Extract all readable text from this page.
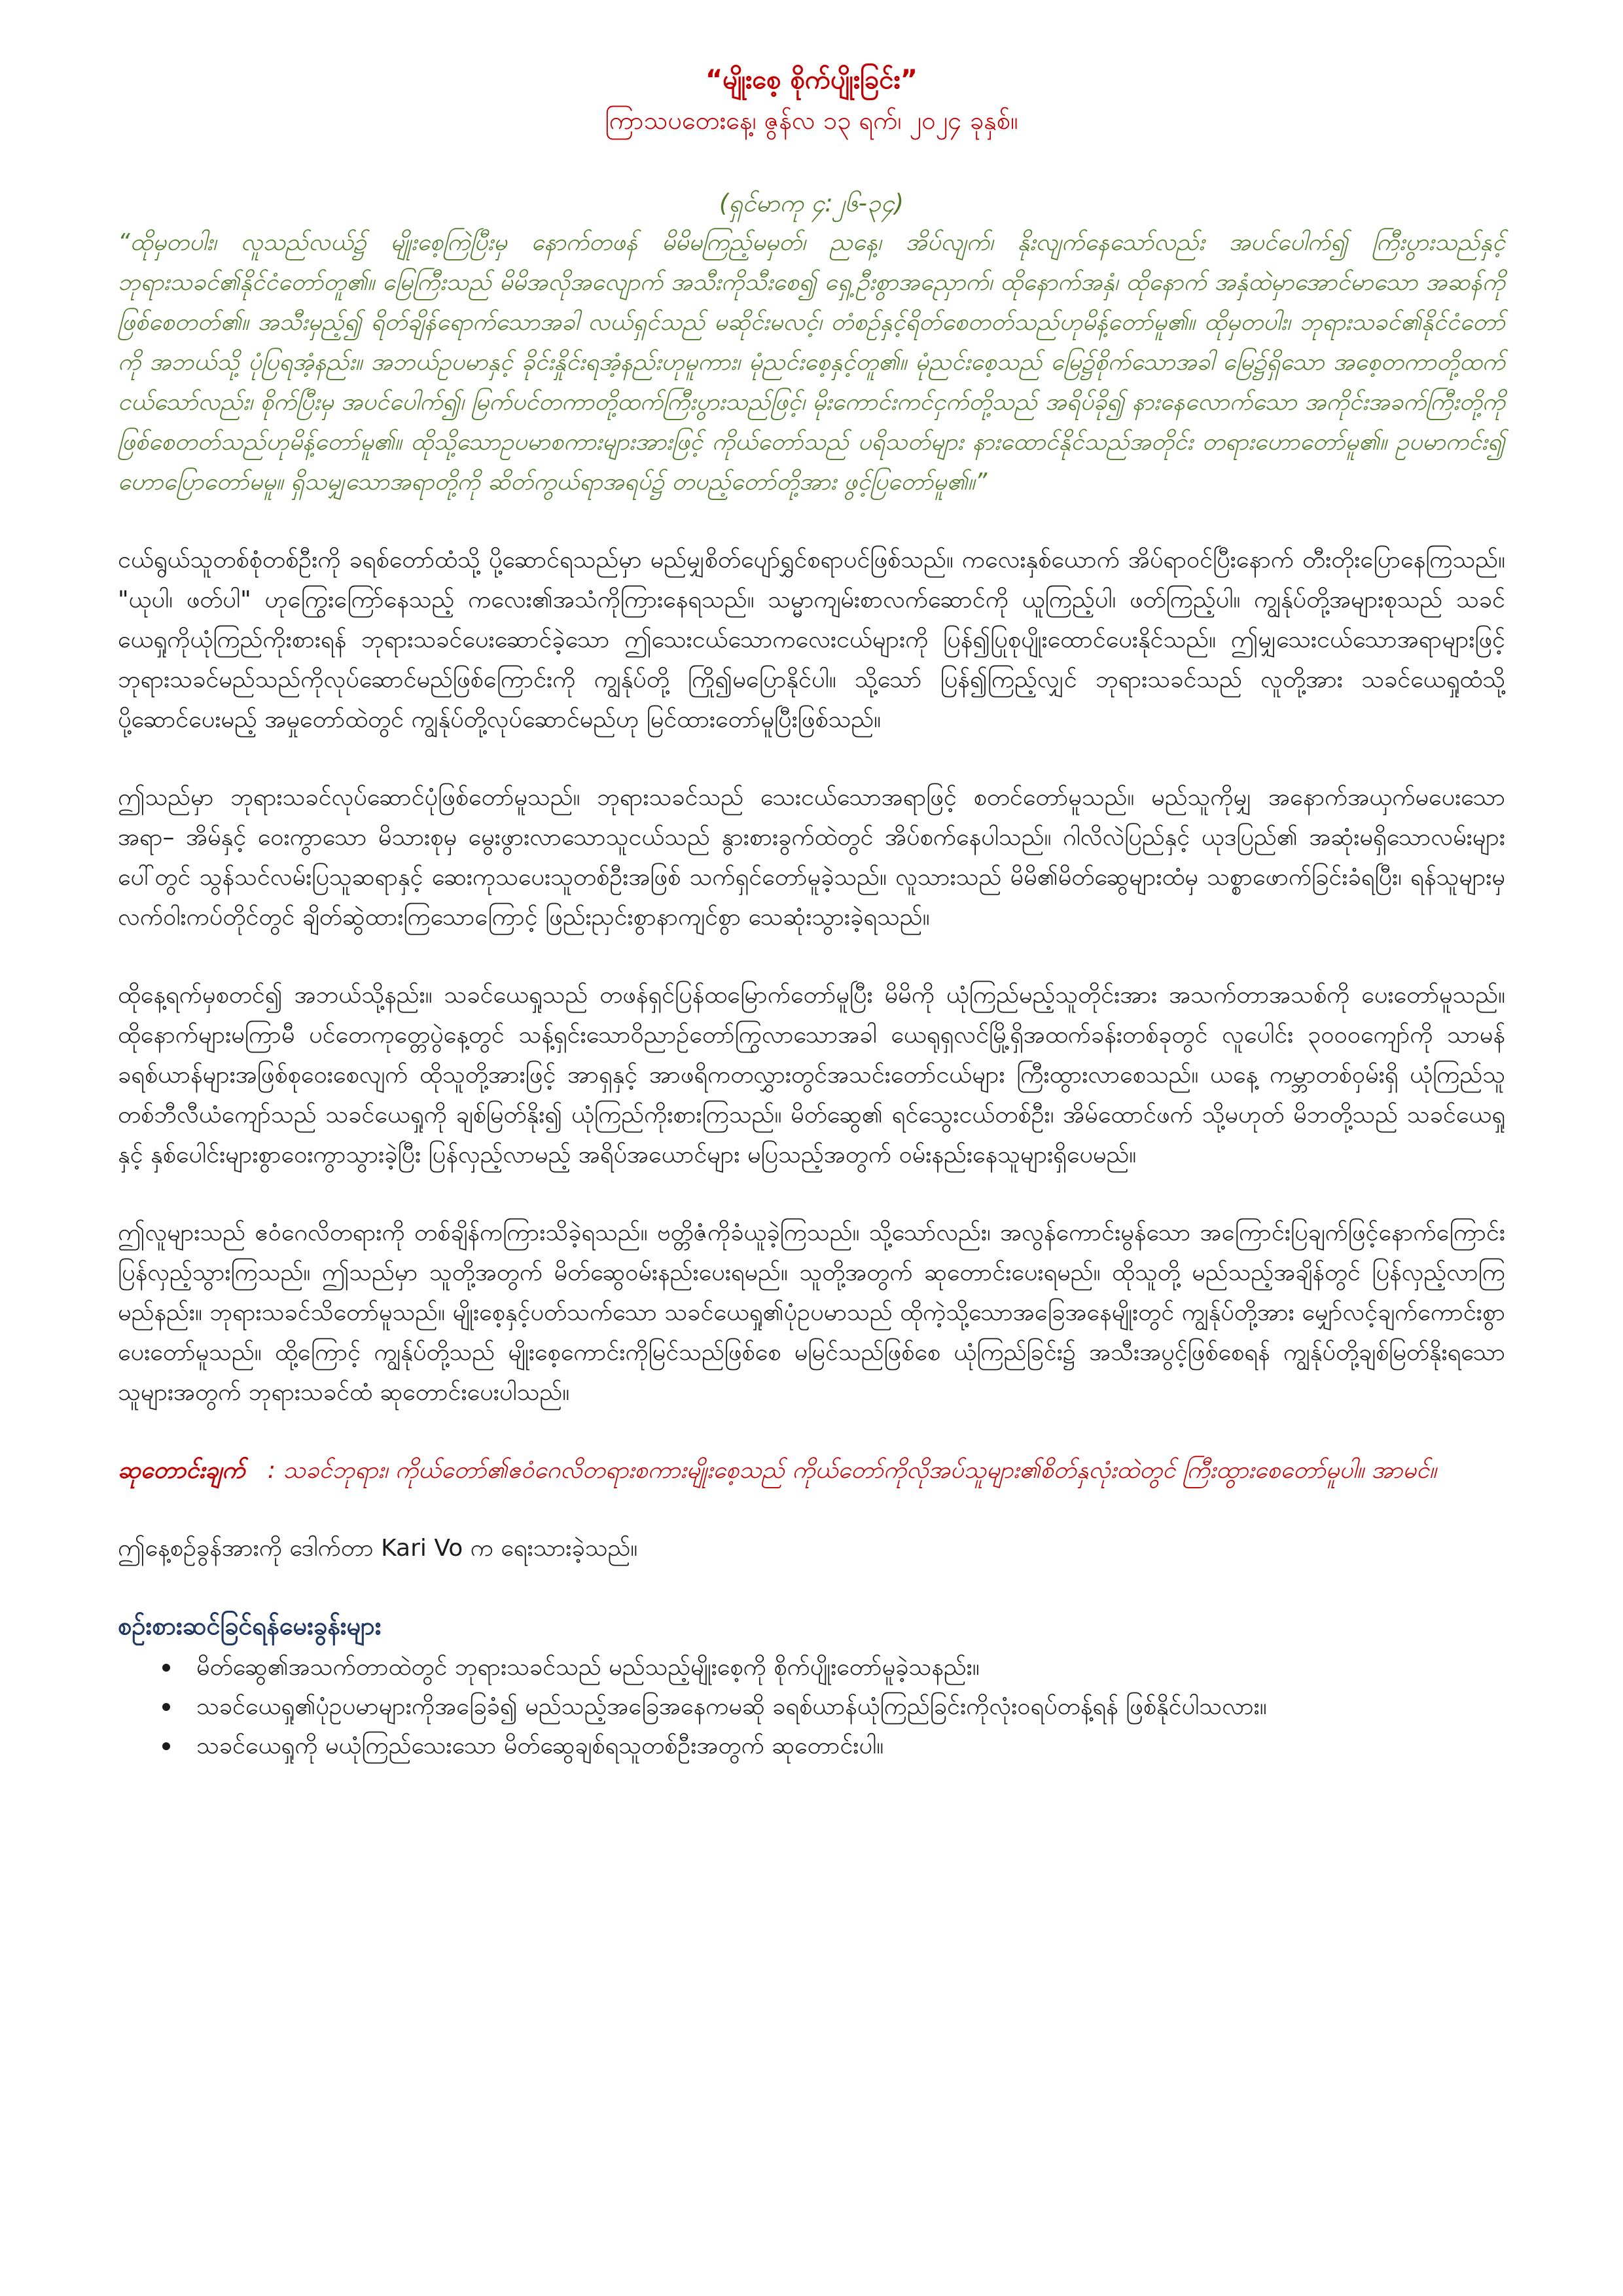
“မျိုးစေ့ စိုက်ပျိုးခြင်း”

ကြာသပတေးနေ့၊ ဇွန်လ ၁၃ ရက်၊ ၂၀၂၄ ခုနှစ်။

(ရှင်မာကု ၄:၂၆-၃၄)

“ထိုမှတပါး၊ လူသည်လယ်၌ မျိုးစေ့ကြဲပြီးမှ နောက်တဖန် မိမိမကြည့်မမှတ်၊ ညနေ့၊ အိပ်လျက်၊ နိုးလျက်နေသော်လည်း အပင်ပေါက်၍ ကြီးပွားသည်နှင့် ဘုရားသခင်၏နိုင်ငံတော်တူ၏။ မြေကြီးသည် မိမိအလိုအလျောက် အသီးကိုသီးစေ၍ ရှေ့ဦးစွာအညှောက်၊ ထိုနောက်အနှံ၊ ထိုနောက် အနှံထဲမှာအောင်မာသော အဆန်ကို ဖြစ်စေတတ်၏။ အသီးမှည့်၍ ရိတ်ချိန်ရောက်သောအခါ လယ်ရှင်သည် မဆိုင်းမလင့်၊ တံစဉ်နှင့်ရိတ်စေတတ်သည်ဟုမိန့်တော်မူ၏။ ထိုမှတပါး၊ ဘုရားသခင်၏နိုင်ငံတော်ကို အဘယ်သို့ ပုံပြရအံ့နည်း။ အဘယ်ဥပမာနှင့် ခိုင်းနှိုင်းရအံ့နည်းဟုမူကား၊ မုံညင်းစေ့နှင့်တူ၏။ မုံညင်းစေ့သည် မြေ၌စိုက်သောအခါ မြေ၌ရှိသော အစေ့တကာတို့ထက် ငယ်သော်လည်း၊ စိုက်ပြီးမှ အပင်ပေါက်၍၊ မြက်ပင်တကာတို့ထက်ကြီးပွားသည်ဖြင့်၊ မိုးကောင်းကင်ငှက်တို့သည် အရိပ်ခို၍ နားနေလောက်သော အကိုင်းအခက်ကြီးတို့ကိုဖြစ်စေတတ်သည်ဟုမိန့်တော်မူ၏။ ထိုသို့သောဥပမာစကားများအားဖြင့် ကိုယ်တော်သည် ပရိသတ်များ နားထောင်နိုင်သည်အတိုင်း တရားဟောတော်မူ၏။ ဥပမာကင်း၍ ဟောပြောတော်မမူ။ ရှိသမျှသောအရာတို့ကို ဆိတ်ကွယ်ရာအရပ်၌ တပည့်တော်တို့အား ဖွင့်ပြတော်မူ၏။”

ငယ်ရွယ်သူတစ်စုံတစ်ဦးကို ခရစ်တော်ထံသို့ ပို့ဆောင်ရသည်မှာ မည်မျှစိတ်ပျော်ရွှင်စရာပင်ဖြစ်သည်။ ကလေးနှစ်ယောက် အိပ်ရာဝင်ပြီးနောက် တီးတိုးပြောနေကြသည်။ "ယုပါ၊ ဖတ်ပါ" ဟုကြွေးကြော်နေသည့် ကလေး၏အသံကိုကြားနေရသည်။ သမ္မာကျမ်းစာလက်ဆောင်ကို ယူကြည့်ပါ၊ ဖတ်ကြည့်ပါ။ ကျွန်ုပ်တို့အများစုသည် သခင်ယေရှုကိုယုံကြည်ကိုးစားရန် ဘုရားသခင်ပေးဆောင်ခဲ့သော ဤသေးငယ်သောကလေးငယ်များကို ပြန်၍ပြုစုပျိုးထောင်ပေးနိုင်သည်။ ဤမျှသေးငယ်သောအရာများဖြင့် ဘုရားသခင်မည်သည်ကိုလုပ်ဆောင်မည်ဖြစ်ကြောင်းကို ကျွန်ုပ်တို့ ကြို၍မပြောနိုင်ပါ။ သို့သော် ပြန်၍ကြည့်လျှင် ဘုရားသခင်သည် လူတို့အား သခင်ယေရှုထံသို့ ပို့ဆောင်ပေးမည့် အမှုတော်ထဲတွင် ကျွန်ုပ်တို့လုပ်ဆောင်မည်ဟု မြင်ထားတော်မူပြီးဖြစ်သည်။

ဤသည်မှာ ဘုရားသခင်လုပ်ဆောင်ပုံဖြစ်တော်မူသည်။ ဘုရားသခင်သည် သေးငယ်သောအရာဖြင့် စတင်တော်မူသည်။ မည်သူကိုမျှ အနောက်အယှက်မပေးသောအရာ– အိမ်နှင့် ဝေးကွာသော မိသားစုမှ မွေးဖွားလာသောသူငယ်သည် နွားစားခွက်ထဲတွင် အိပ်စက်နေပါသည်။ ဂါလိလဲပြည်နှင့် ယုဒပြည်၏ အဆုံးမရှိသောလမ်းများပေါ်တွင် သွန်သင်လမ်းပြသူဆရာနှင့် ဆေးကုသပေးသူတစ်ဦးအဖြစ် သက်ရှင်တော်မူခဲ့သည်။ လူသားသည် မိမိ၏မိတ်ဆွေများထံမှ သစ္စာဖောက်ခြင်းခံရပြီး၊ ရန်သူများမှ လက်ဝါးကပ်တိုင်တွင် ချိတ်ဆွဲထားကြသောကြောင့် ဖြည်းညှင်းစွာနာကျင်စွာ သေဆုံးသွားခဲ့ရသည်။

ထိုနေ့ရက်မှစတင်၍ အဘယ်သို့နည်း။ သခင်ယေရှုသည် တဖန်ရှင်ပြန်ထမြောက်တော်မူပြီး မိမိကို ယုံကြည်မည့်သူတိုင်းအား အသက်တာအသစ်ကို ပေးတော်မူသည်။ ထိုနောက်များမကြာမီ ပင်တေကုတ္တေပွဲနေ့တွင် သန့်ရှင်းသောဝိညာဉ်တော်ကြွလာသောအခါ ယေရုရှလင်မြို့ရှိအထက်ခန်းတစ်ခုတွင် လူပေါင်း ၃၀၀၀ကျော်ကို သာမန်ခရစ်ယာန်များအဖြစ်စုဝေးစေလျက် ထိုသူတို့အားဖြင့် အာရှနှင့် အာဖရိကတလွှားတွင်အသင်းတော်ငယ်များ ကြီးထွားလာစေသည်။ ယနေ့ ကမ္ဘာတစ်ဝှမ်းရှိ ယုံကြည်သူ တစ်ဘီလီယံကျော်သည် သခင်ယေရှုကို ချစ်မြတ်နိုး၍ ယုံကြည်ကိုးစားကြသည်။ မိတ်ဆွေ၏ ရင်သွေးငယ်တစ်ဦး၊ အိမ်ထောင်ဖက် သို့မဟုတ် မိဘတို့သည် သခင်ယေရှုနှင့် နှစ်ပေါင်းများစွာဝေးကွာသွားခဲ့ပြီး ပြန်လှည့်လာမည့် အရိပ်အယောင်များ မပြသည့်အတွက် ဝမ်းနည်းနေသူများရှိပေမည်။

ဤလူများသည် ဧဝံဂေလိတရားကို တစ်ချိန်ကကြားသိခဲ့ရသည်။ ဗတ္တိဇံကိုခံယူခဲ့ကြသည်။ သို့သော်လည်း၊ အလွန်ကောင်းမွန်သော အကြောင်းပြချက်ဖြင့်နောက်ကြောင်းပြန်လှည့်သွားကြသည်။ ဤသည်မှာ သူတို့အတွက် မိတ်ဆွေဝမ်းနည်းပေးရမည်။ သူတို့အတွက် ဆုတောင်းပေးရမည်။ ထိုသူတို့ မည်သည့်အချိန်တွင် ပြန်လှည့်လာကြမည်နည်း။ ဘုရားသခင်သိတော်မူသည်။ မျိုးစေ့နှင့်ပတ်သက်သော သခင်ယေရှု၏ပုံဥပမာသည် ထိုကဲ့သို့သောအခြေအနေမျိုးတွင် ကျွန်ုပ်တို့အား မျှော်လင့်ချက်ကောင်းစွာပေးတော်မူသည်။ ထို့ကြောင့် ကျွန်ုပ်တို့သည် မျိုးစေ့ကောင်းကိုမြင်သည်ဖြစ်စေ မမြင်သည်ဖြစ်စေ ယုံကြည်ခြင်း၌ အသီးအပွင့်ဖြစ်စေရန် ကျွန်ုပ်တို့ချစ်မြတ်နိုးရသောသူများအတွက် ဘုရားသခင်ထံ ဆုတောင်းပေးပါသည်။

ဆုတောင်းချက် : သခင်ဘုရား၊ ကိုယ်တော်၏ဧဝံဂေလိတရားစကားမျိုးစေ့သည် ကိုယ်တော်ကိုလိုအပ်သူများ၏စိတ်နှလုံးထဲတွင် ကြီးထွားစေတော်မူပါ။ အာမင်။

ဤနေ့စဉ်ခွန်အားကို ဒေါက်တာ Kari Vo က ရေးသားခဲ့သည်။

စဉ်းစားဆင်ခြင်ရန်မေးခွန်းများ
မိတ်ဆွေ၏အသက်တာထဲတွင် ဘုရားသခင်သည် မည်သည့်မျိုးစေ့ကို စိုက်ပျိုးတော်မူခဲ့သနည်း။
သခင်ယေရှု၏ပုံဥပမာများကိုအခြေခံ၍ မည်သည့်အခြေအနေကမဆို ခရစ်ယာန်ယုံကြည်ခြင်းကိုလုံးဝရပ်တန့်ရန် ဖြစ်နိုင်ပါသလား။
သခင်ယေရှုကို မယုံကြည်သေးသော မိတ်ဆွေချစ်ရသူတစ်ဦးအတွက် ဆုတောင်းပါ။
